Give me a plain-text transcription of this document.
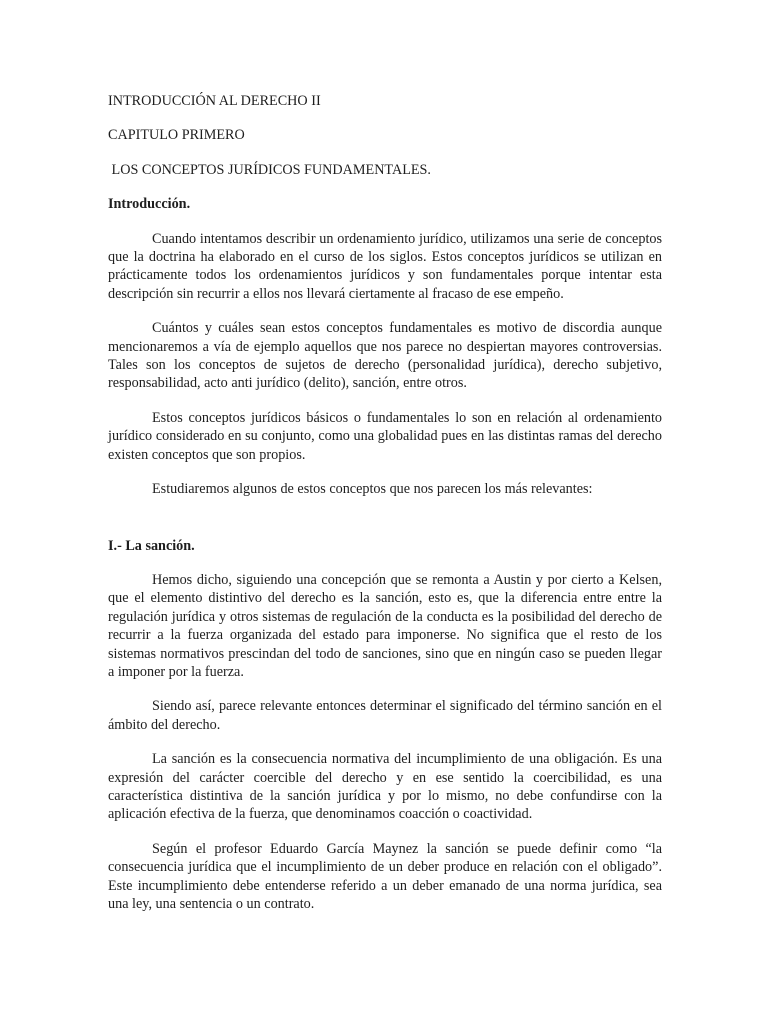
INTRODUCCIÓN AL DERECHO II
CAPITULO PRIMERO
LOS CONCEPTOS JURÍDICOS FUNDAMENTALES.
Introducción.

Cuando intentamos describir un ordenamiento jurídico, utilizamos una serie de conceptos que la doctrina ha elaborado en el curso de los siglos. Estos conceptos jurídicos se utilizan en prácticamente todos los ordenamientos jurídicos y son fundamentales porque intentar esta descripción sin recurrir a ellos nos llevará ciertamente al fracaso de ese empeño.

Cuántos y cuáles sean estos conceptos fundamentales es motivo de discordia aunque mencionaremos a vía de ejemplo aquellos que nos parece no despiertan mayores controversias. Tales son los conceptos de sujetos de derecho (personalidad jurídica), derecho subjetivo, responsabilidad, acto anti jurídico (delito), sanción, entre otros.

Estos conceptos jurídicos básicos o fundamentales lo son en relación al ordenamiento jurídico considerado en su conjunto, como una globalidad pues en las distintas ramas del derecho existen conceptos que son propios.

Estudiaremos algunos de estos conceptos que nos parecen los más relevantes:

I.- La sanción.

Hemos dicho, siguiendo una concepción que se remonta a Austin y por cierto a Kelsen, que el elemento distintivo del derecho es la sanción, esto es, que la diferencia entre entre la regulación jurídica y otros sistemas de regulación de la conducta es la posibilidad del derecho de recurrir a la fuerza organizada del estado para imponerse. No significa que el resto de los sistemas normativos prescindan del todo de sanciones, sino que en ningún caso se pueden llegar a imponer por la fuerza.

Siendo así, parece relevante entonces determinar el significado del término sanción en el ámbito del derecho.

La sanción es la consecuencia normativa del incumplimiento de una obligación. Es una expresión del carácter coercible del derecho y en ese sentido la coercibilidad, es una característica distintiva de la sanción jurídica y por lo mismo, no debe confundirse con la aplicación efectiva de la fuerza, que denominamos coacción o coactividad.

Según el profesor Eduardo García Maynez la sanción se puede definir como “la consecuencia jurídica que el incumplimiento de un deber produce en relación con el obligado”. Este incumplimiento debe entenderse referido a un deber emanado de una norma jurídica, sea una ley, una sentencia o un contrato.
